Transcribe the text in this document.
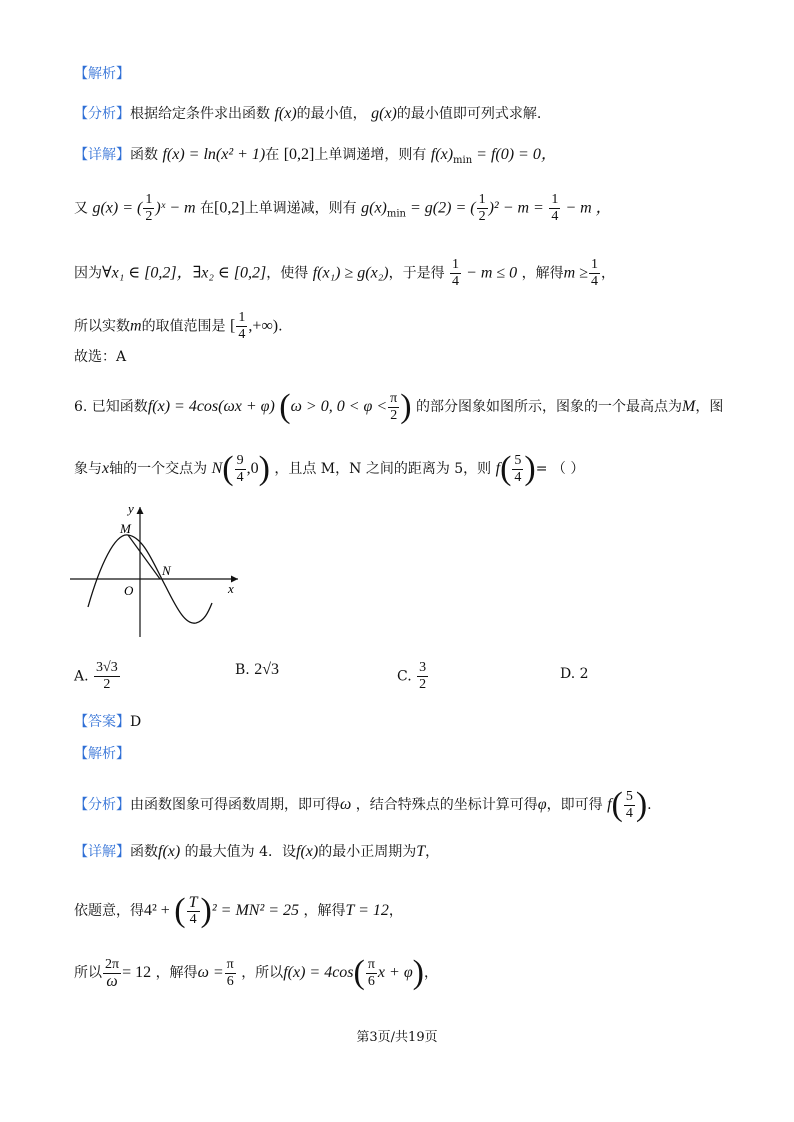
【解析】
【分析】根据给定条件求出函数 f(x)的最小值， g(x)的最小值即可列式求解.
【详解】函数 f(x) = ln(x² + 1)在 [0,2]上单调递增，则有 $f(x)_{min} = f(0) = 0$，
又 g(x) = ( $\frac{1}{2}$ )ˣ − m 在[0,2]上单调递减，则有 $g(x)_{min} = g(2)$ = ( $\frac{1}{2} )^2 - m = \frac{1}{4} - m$ ，
因为∀x₁ ∈ [0,2]，∃x₂ ∈ [0,2]，使得 f(x₁) ≥ g(x₂)，于是得 $\frac{1}{4} - m \le 0$ ，解得$m \ge \frac{1}{4}$ ，
所以实数m的取值范围是 [ $\frac{1}{4}$ ,+∞).
故选：A
6. 已知函数f(x) = 4cos(ωx + φ) (ω > 0, $0 < \varphi < \frac{\pi}{2}$ ) 的部分图象如图所示，图象的一个最高点为M，图
象与x轴的一个交点为 $N( \frac{9}{4} ,0)$ ，且点 M，N 之间的距离为 5，则 $f( \frac{5}{4}$ )= （ ）
y
x
M
N
O
A. $\frac{3√3}{2}$	B. 2√3	C. $\frac{3}{2}$	D. 2
【答案】D
【解析】
【分析】由函数图象可得函数周期，即可得ω ，结合特殊点的坐标计算可得φ，即可得 $f( \frac{5}{4}$ ).
【详解】函数f(x) 的最大值为 4．设f(x)的最小正周期为T，
依题意，得4² + ( $\frac{T}{4} )^2 = MN^2 = 25$ ，解得T = 12，
所以 $\frac{2\pi}{\omega} = 12$ ，解得$\omega = \frac{\pi}{6}$ ，所以$f(x) = 4\cos( \frac{\pi}{6}$ x + φ)，
第3页/共19页
